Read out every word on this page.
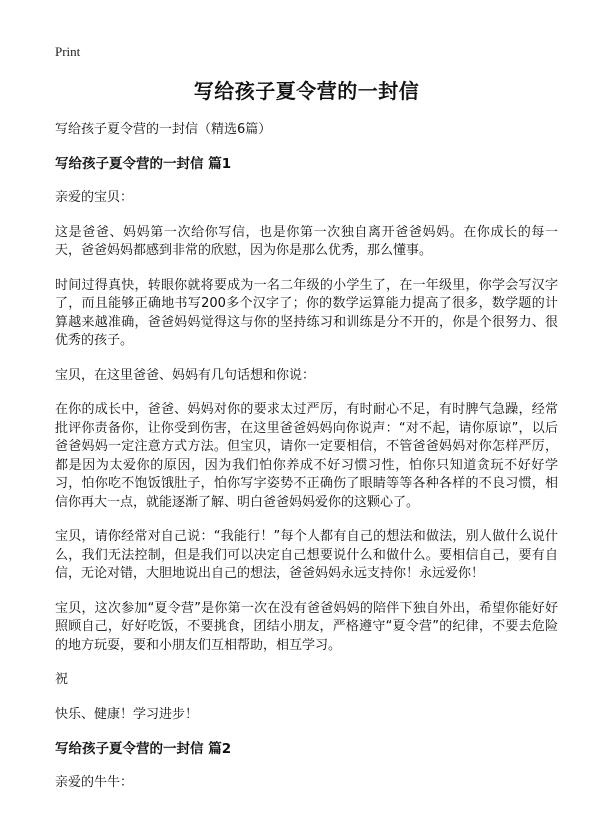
Print
写给孩子夏令营的一封信
写给孩子夏令营的一封信（精选6篇）
写给孩子夏令营的一封信 篇1

亲爱的宝贝：

这是爸爸、妈妈第一次给你写信，也是你第一次独自离开爸爸妈妈。在你成长的每一天，爸爸妈妈都感到非常的欣慰，因为你是那么优秀，那么懂事。

时间过得真快，转眼你就将要成为一名二年级的小学生了，在一年级里，你学会写汉字了，而且能够正确地书写200多个汉字了；你的数学运算能力提高了很多，数学题的计算越来越准确，爸爸妈妈觉得这与你的坚持练习和训练是分不开的，你是个很努力、很优秀的孩子。

宝贝，在这里爸爸、妈妈有几句话想和你说：

在你的成长中，爸爸、妈妈对你的要求太过严厉，有时耐心不足，有时脾气急躁，经常批评你责备你，让你受到伤害，在这里爸爸妈妈向你说声：“对不起，请你原谅”，以后爸爸妈妈一定注意方式方法。但宝贝，请你一定要相信，不管爸爸妈妈对你怎样严厉，都是因为太爱你的原因，因为我们怕你养成不好习惯习性，怕你只知道贪玩不好好学习，怕你吃不饱饭饿肚子，怕你写字姿势不正确伤了眼睛等等各种各样的不良习惯，相信你再大一点，就能逐渐了解、明白爸爸妈妈爱你的这颗心了。

宝贝，请你经常对自己说：“我能行！”每个人都有自己的想法和做法，别人做什么说什么，我们无法控制，但是我们可以决定自己想要说什么和做什么。要相信自己，要有自信，无论对错，大胆地说出自己的想法，爸爸妈妈永远支持你！永远爱你！

宝贝，这次参加“夏令营”是你第一次在没有爸爸妈妈的陪伴下独自外出，希望你能好好照顾自己，好好吃饭，不要挑食，团结小朋友，严格遵守“夏令营”的纪律，不要去危险的地方玩耍，要和小朋友们互相帮助，相互学习。

祝

快乐、健康！学习进步！

写给孩子夏令营的一封信 篇2

亲爱的牛牛：
